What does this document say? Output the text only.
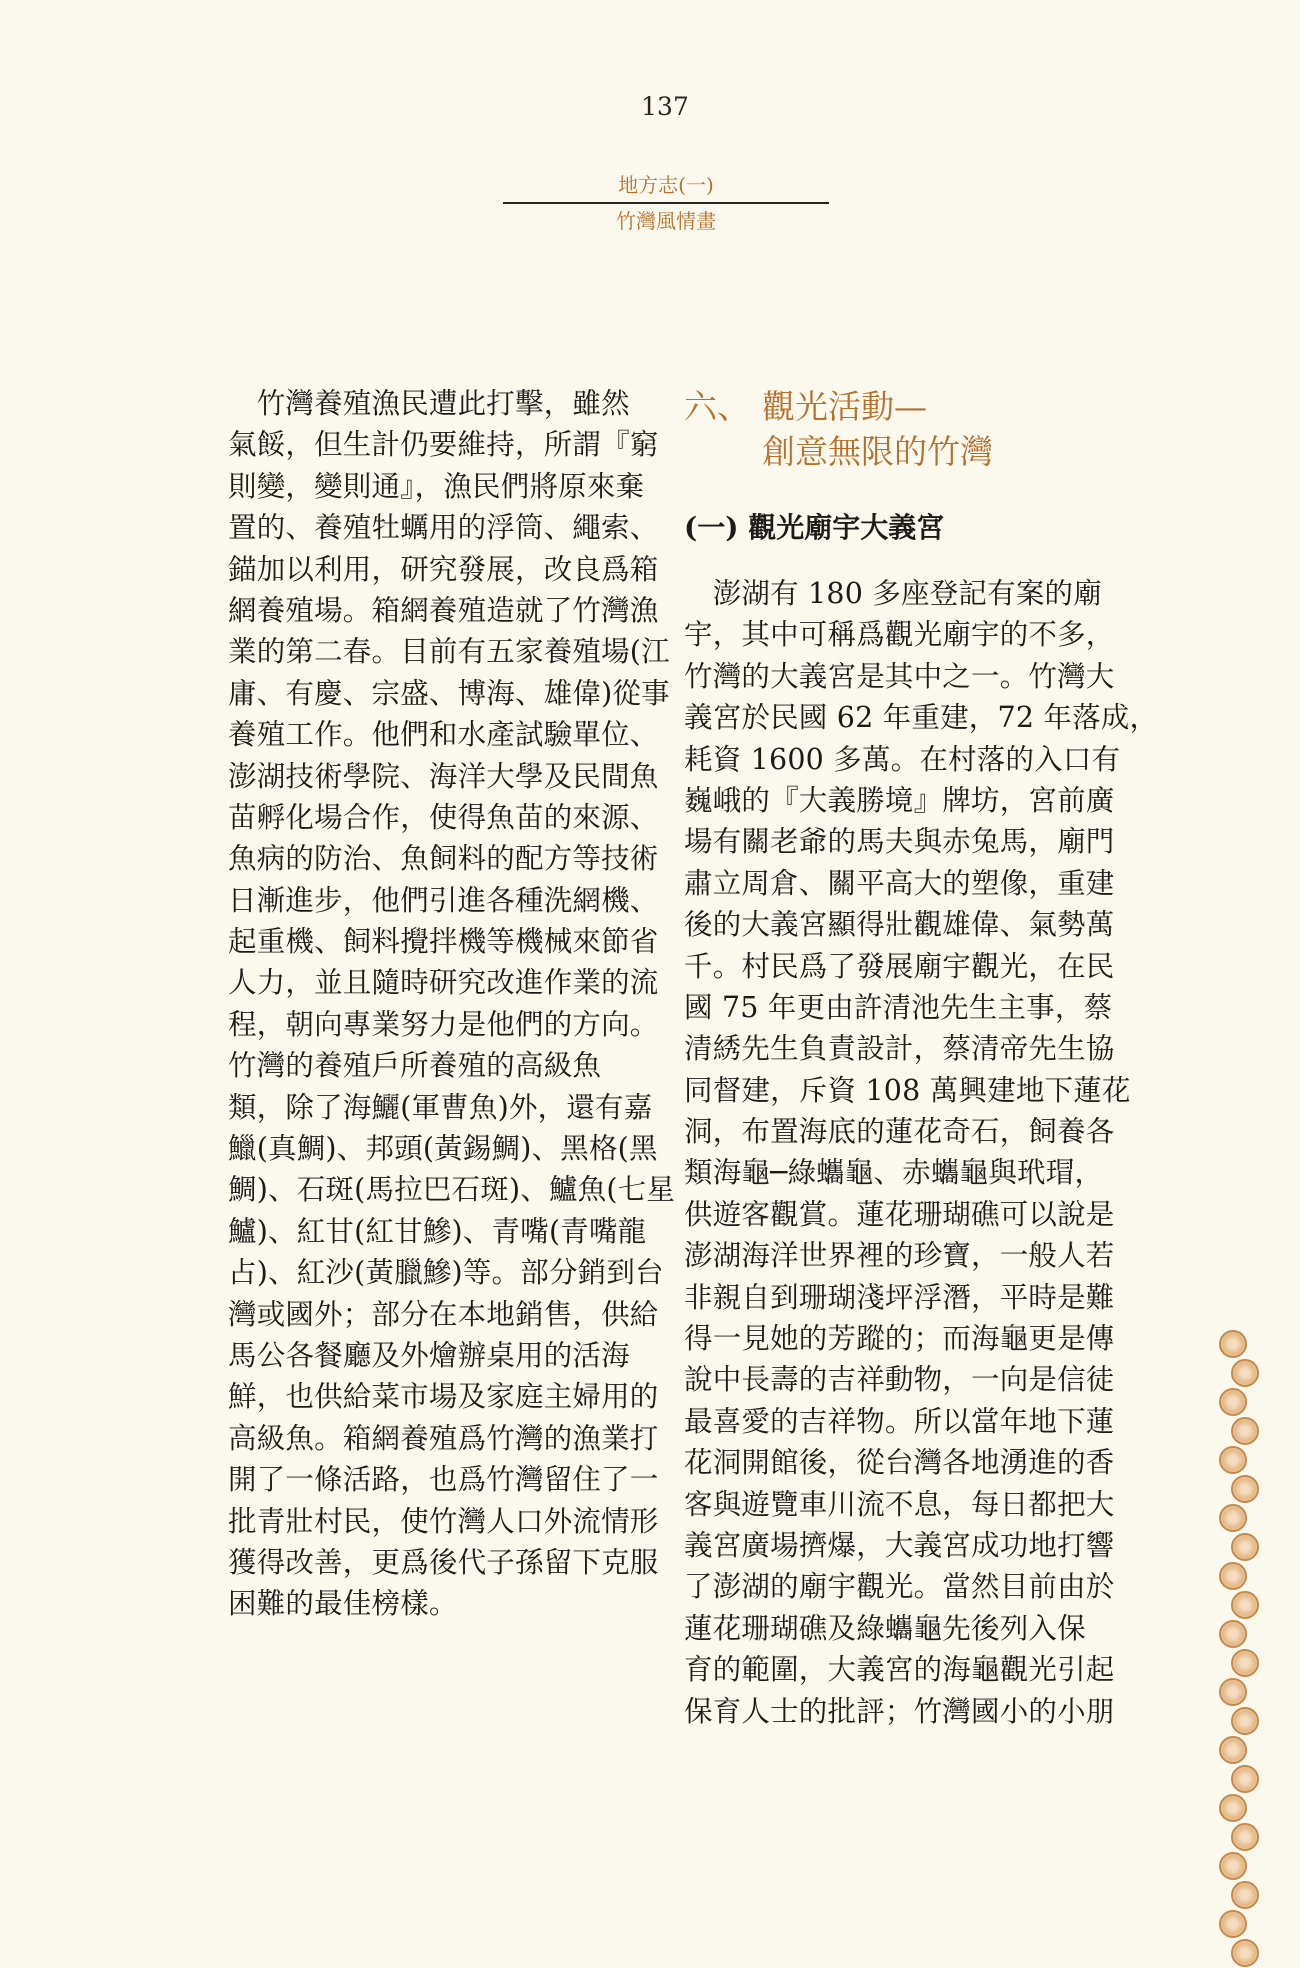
137
地方志(一)
竹灣風情畫
　竹灣養殖漁民遭此打擊，雖然
氣餒，但生計仍要維持，所謂『窮
則變，變則通』，漁民們將原來棄
置的、養殖牡蠣用的浮筒、繩索、
錨加以利用，研究發展，改良爲箱
網養殖場。箱網養殖造就了竹灣漁
業的第二春。目前有五家養殖場(江
庸、有慶、宗盛、博海、雄偉)從事
養殖工作。他們和水產試驗單位、
澎湖技術學院、海洋大學及民間魚
苗孵化場合作，使得魚苗的來源、
魚病的防治、魚飼料的配方等技術
日漸進步，他們引進各種洗網機、
起重機、飼料攪拌機等機械來節省
人力，並且隨時研究改進作業的流
程，朝向專業努力是他們的方向。
竹灣的養殖戶所養殖的高級魚
類，除了海鱺(軍曹魚)外，還有嘉
鱲(真鯛)、邦頭(黃錫鯛)、黑格(黑
鯛)、石斑(馬拉巴石斑)、鱸魚(七星
鱸)、紅甘(紅甘鰺)、青嘴(青嘴龍
占)、紅沙(黃臘鰺)等。部分銷到台
灣或國外；部分在本地銷售，供給
馬公各餐廳及外燴辦桌用的活海
鮮，也供給菜市場及家庭主婦用的
高級魚。箱網養殖爲竹灣的漁業打
開了一條活路，也爲竹灣留住了一
批青壯村民，使竹灣人口外流情形
獲得改善，更爲後代子孫留下克服
困難的最佳榜樣。
六、 觀光活動—
創意無限的竹灣
(一) 觀光廟宇大義宮
　澎湖有 180 多座登記有案的廟
宇，其中可稱爲觀光廟宇的不多，
竹灣的大義宮是其中之一。竹灣大
義宮於民國 62 年重建，72 年落成，
耗資 1600 多萬。在村落的入口有
巍峨的『大義勝境』牌坊，宮前廣
場有關老爺的馬夫與赤兔馬，廟門
肅立周倉、關平高大的塑像，重建
後的大義宮顯得壯觀雄偉、氣勢萬
千。村民爲了發展廟宇觀光，在民
國 75 年更由許清池先生主事，蔡
清綉先生負責設計，蔡清帝先生協
同督建，斥資 108 萬興建地下蓮花
洞，布置海底的蓮花奇石，飼養各
類海龜─綠蠵龜、赤蠵龜與玳瑁，
供遊客觀賞。蓮花珊瑚礁可以說是
澎湖海洋世界裡的珍寶，一般人若
非親自到珊瑚淺坪浮潛，平時是難
得一見她的芳蹤的；而海龜更是傳
說中長壽的吉祥動物，一向是信徒
最喜愛的吉祥物。所以當年地下蓮
花洞開館後，從台灣各地湧進的香
客與遊覽車川流不息，每日都把大
義宮廣場擠爆，大義宮成功地打響
了澎湖的廟宇觀光。當然目前由於
蓮花珊瑚礁及綠蠵龜先後列入保
育的範圍，大義宮的海龜觀光引起
保育人士的批評；竹灣國小的小朋
